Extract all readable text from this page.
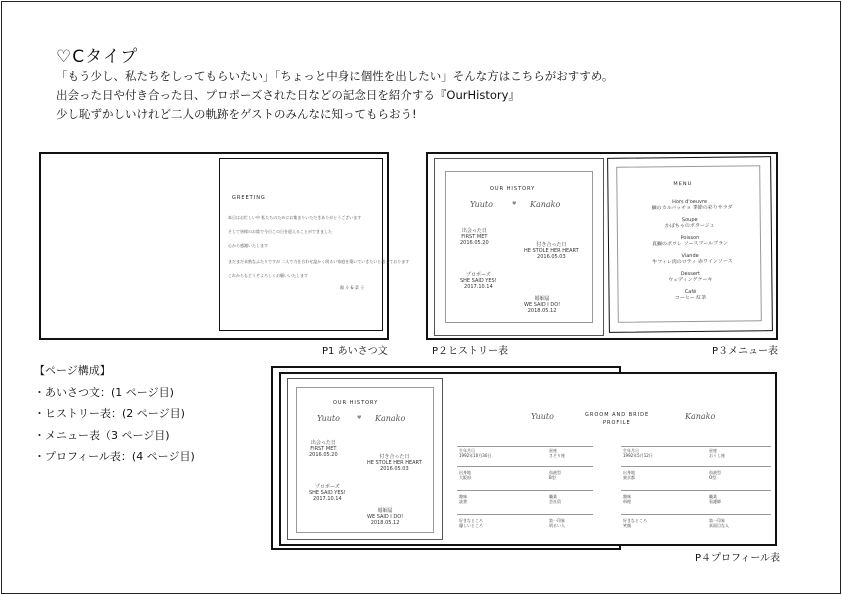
♡Cタイプ
「もう少し、私たちをしってもらいたい」「ちょっと中身に個性を出したい」そんな方はこちらがおすすめ。
出会った日や付き合った日、プロポーズされた日などの記念日を紹介する『OurHistory』
少し恥ずかしいけれど二人の軌跡をゲストのみんなに知ってもらおう!
GREETING
本日はお忙しい中 私たちのためにお集まりいただきありがとうございます
そして皆様のお陰で今日この日を迎えることができました
心から感謝いたします
まだまだ未熟なふたりですが 二人で力を合わせ温かく明るい家庭を築いていきたいと思っております
これからもどうぞよろしくお願いいたします
陽 斗 & 菜 子
P1 あいさつ文
OUR HISTORY
Yuuto	♥ Kanako
出会った日
FIRST MET
2016.05.20	付き合った日
HE STOLE HER HEART
2016.05.03
プロポーズ
SHE SAID YES!
2017.10.14
婚姻届
WE SAID I DO!
2018.05.12
MENU
Hors d'oeuvre
鯛のカルパッチョ 季節の彩りサラダ
Soupe
かぼちゃのポタージュ
Poisson
真鯛のポワレ ソースブールブラン
Viande
牛フィレ肉のロティ 赤ワインソース
Dessert
ウェディングケーキ
Café
コーヒー 紅茶
P２ヒストリー表	P３メニュー表
【ページ構成】
・あいさつ文：(1 ページ目)
・ヒストリー表：(2 ページ目)
・メニュー表（3 ページ目)
・プロフィール表：(4 ページ目)
OUR HISTORY
Yuuto	♥ Kanako
出会った日
FIRST MET
2016.05.20	付き合った日
HE STOLE HER HEART
2016.05.03
プロポーズ
SHE SAID YES!
2017.10.14
婚姻届
WE SAID I DO!
2018.05.12
Yuuto	GROOM AND BRIDE
PROFILE
Kanako
生年月日
1992年10月30日
星座
さそり座
生年月日
1992年5月12日
星座
おうし座
出身地
大阪府
血液型
B型
出身地
東京都
血液型
O型
趣味
読書
職業
会社員
趣味
料理
職業
看護師
好きなところ
優しいところ
第一印象
明るい人
好きなところ
笑顔
第一印象
真面目な人
P４プロフィール表
